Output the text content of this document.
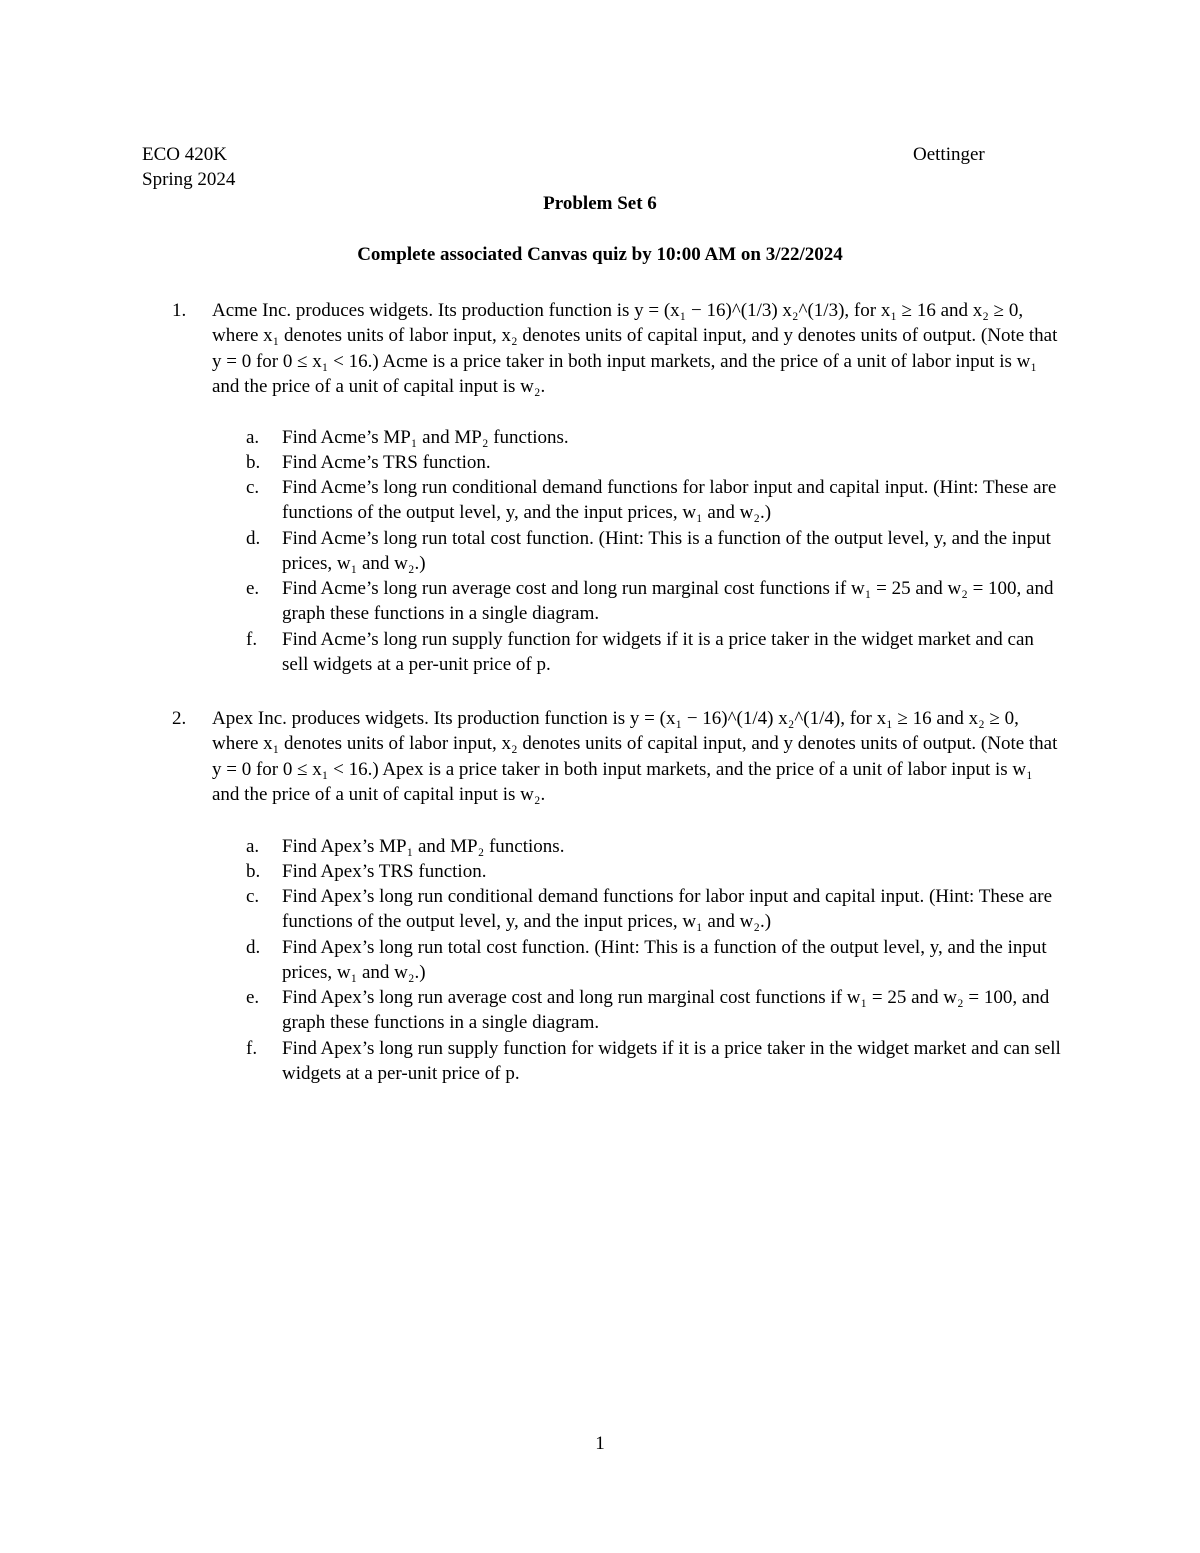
ECO 420K
Spring 2024
Oettinger
Problem Set 6
Complete associated Canvas quiz by 10:00 AM on 3/22/2024
1. Acme Inc. produces widgets. Its production function is y = (x₁ − 16)^(1/3) x₂^(1/3), for x₁ ≥ 16 and x₂ ≥ 0, where x₁ denotes units of labor input, x₂ denotes units of capital input, and y denotes units of output. (Note that y = 0 for 0 ≤ x₁ < 16.) Acme is a price taker in both input markets, and the price of a unit of labor input is w₁ and the price of a unit of capital input is w₂.
a. Find Acme’s MP₁ and MP₂ functions.
b. Find Acme’s TRS function.
c. Find Acme’s long run conditional demand functions for labor input and capital input. (Hint: These are functions of the output level, y, and the input prices, w₁ and w₂.)
d. Find Acme’s long run total cost function. (Hint: This is a function of the output level, y, and the input prices, w₁ and w₂.)
e. Find Acme’s long run average cost and long run marginal cost functions if w₁ = 25 and w₂ = 100, and graph these functions in a single diagram.
f. Find Acme’s long run supply function for widgets if it is a price taker in the widget market and can sell widgets at a per-unit price of p.
2. Apex Inc. produces widgets. Its production function is y = (x₁ − 16)^(1/4) x₂^(1/4), for x₁ ≥ 16 and x₂ ≥ 0, where x₁ denotes units of labor input, x₂ denotes units of capital input, and y denotes units of output. (Note that y = 0 for 0 ≤ x₁ < 16.) Apex is a price taker in both input markets, and the price of a unit of labor input is w₁ and the price of a unit of capital input is w₂.
a. Find Apex’s MP₁ and MP₂ functions.
b. Find Apex’s TRS function.
c. Find Apex’s long run conditional demand functions for labor input and capital input. (Hint: These are functions of the output level, y, and the input prices, w₁ and w₂.)
d. Find Apex’s long run total cost function. (Hint: This is a function of the output level, y, and the input prices, w₁ and w₂.)
e. Find Apex’s long run average cost and long run marginal cost functions if w₁ = 25 and w₂ = 100, and graph these functions in a single diagram.
f. Find Apex’s long run supply function for widgets if it is a price taker in the widget market and can sell widgets at a per-unit price of p.
1
